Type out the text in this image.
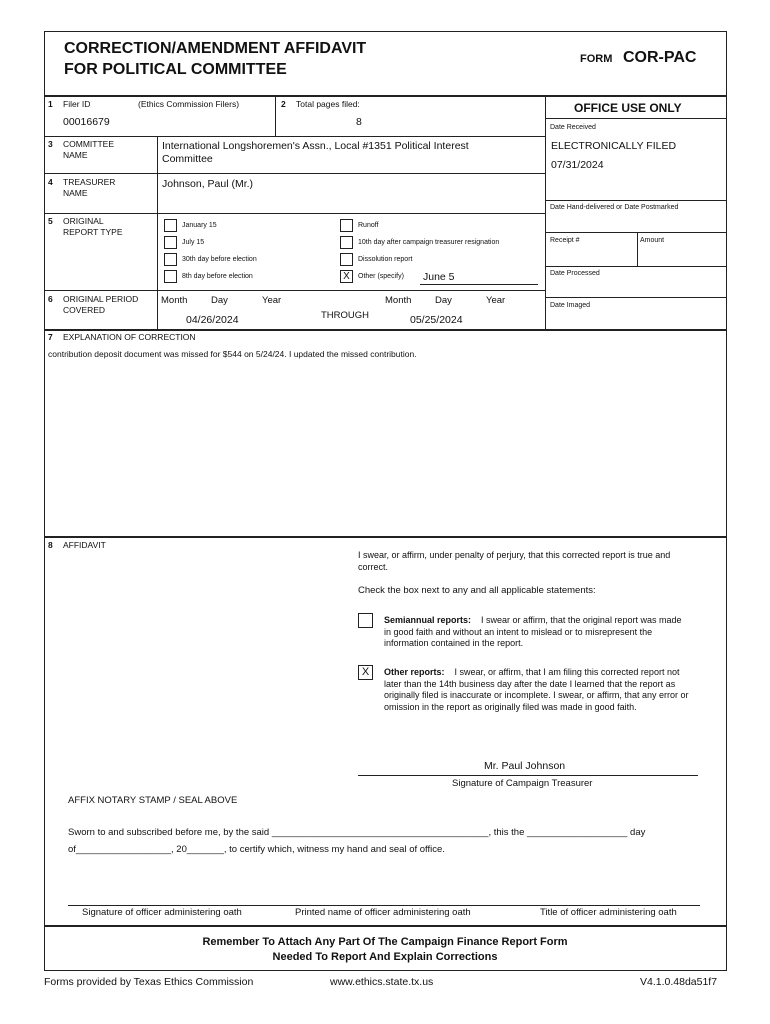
CORRECTION/AMENDMENT AFFIDAVIT
FOR POLITICAL COMMITTEE
FORM COR-PAC
OFFICE USE ONLY
Date Received
ELECTRONICALLY FILED
07/31/2024
Date Hand-delivered or Date Postmarked
Receipt #	Amount
Date Processed
Date Imaged
1 Filer ID	(Ethics Commission Filers)
00016679
2 Total pages filed:
8
3 COMMITTEE
NAME
International Longshoremen's Assn., Local #1351 Political Interest
Committee
4 TREASURER
NAME
Johnson, Paul (Mr.)
5 ORIGINAL
REPORT TYPE
January 15
July 15
30th day before election
8th day before election
Runoff
10th day after campaign treasurer resignation
Dissolution report
X	Other (specify) June 5
6 ORIGINAL PERIOD
COVERED
Month Day	Year
04/26/2024	THROUGH
Month Day	Year
05/25/2024
7 EXPLANATION OF CORRECTION
contribution deposit document was missed for $544 on 5/24/24. I updated the missed contribution.
8 AFFIDAVIT
I swear, or affirm, under penalty of perjury, that this corrected report is true and correct.
Check the box next to any and all applicable statements:
Semiannual reports: I swear or affirm, that the original report was made in good faith and without an intent to mislead or to misrepresent the information contained in the report.
X	Other reports: I swear, or affirm, that I am filing this corrected report not later than the 14th business day after the date I learned that the report as originally filed is inaccurate or incomplete. I swear, or affirm, that any error or omission in the report as originally filed was made in good faith.
Mr. Paul Johnson
Signature of Campaign Treasurer
AFFIX NOTARY STAMP / SEAL ABOVE
Sworn to and subscribed before me, by the said _________________________________________, this the ___________________ day
of__________________, 20_______, to certify which, witness my hand and seal of office.
Signature of officer administering oath	Printed name of officer administering oath	Title of officer administering oath
Remember To Attach Any Part Of The Campaign Finance Report Form
Needed To Report And Explain Corrections
Forms provided by Texas Ethics Commission	www.ethics.state.tx.us	V4.1.0.48da51f7
